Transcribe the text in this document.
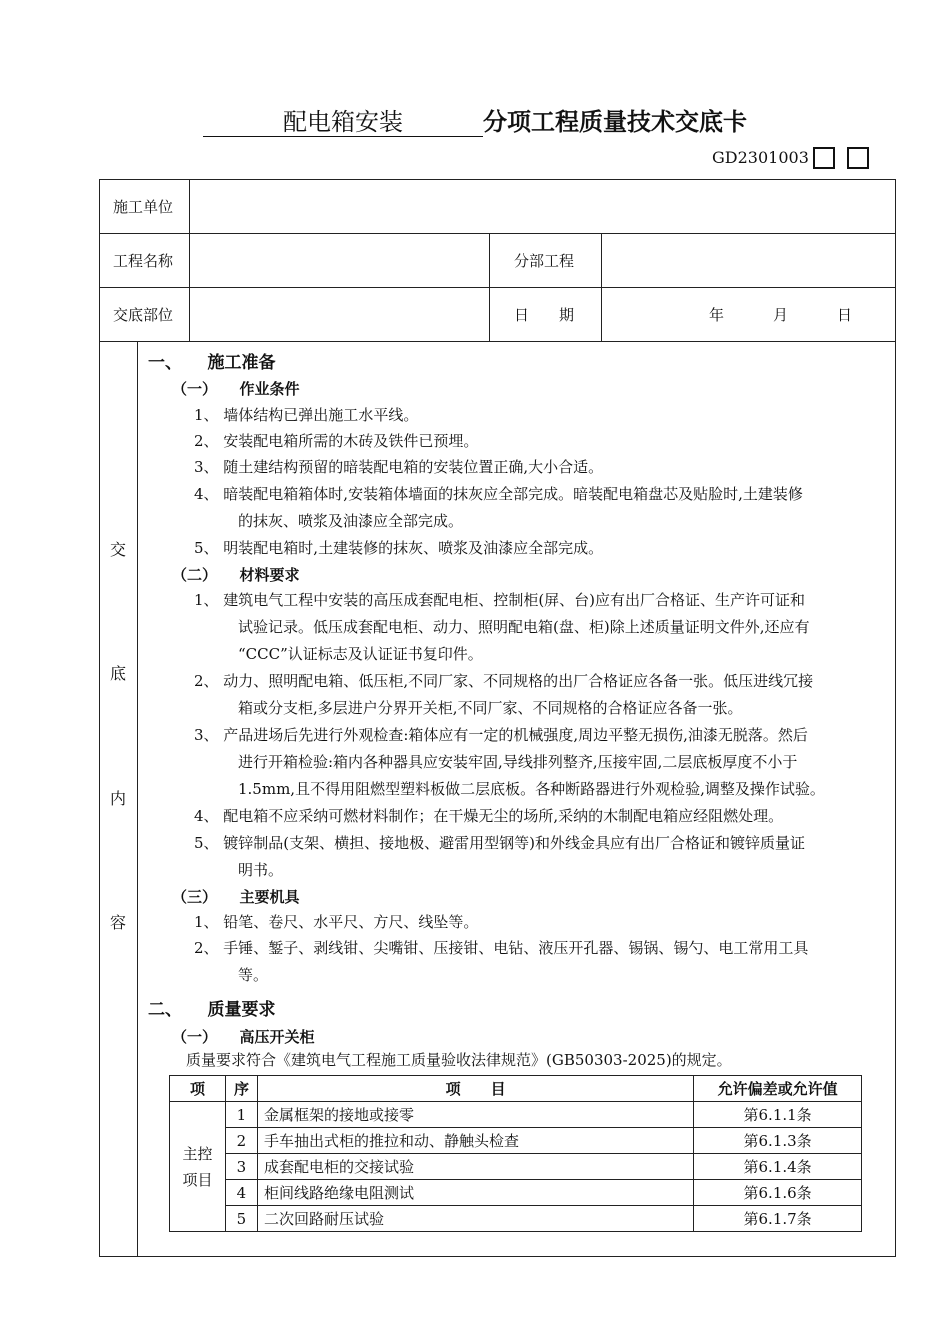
配电箱安装	分项工程质量技术交底卡
GD2301003
施工单位
工程名称	分部工程
交底部位	日　　期	年	月	日
交
底
内
容
一、　　施工准备
（一）　　作业条件
1、 墙体结构已弹出施工水平线。
2、 安装配电箱所需的木砖及铁件已预埋。
3、 随土建结构预留的暗装配电箱的安装位置正确,大小合适。
4、 暗装配电箱箱体时,安装箱体墙面的抹灰应全部完成。暗装配电箱盘芯及贴脸时,土建装修
的抹灰、喷浆及油漆应全部完成。
5、 明装配电箱时,土建装修的抹灰、喷浆及油漆应全部完成。
（二）　　材料要求
1、 建筑电气工程中安装的高压成套配电柜、控制柜(屏、台)应有出厂合格证、生产许可证和
试验记录。低压成套配电柜、动力、照明配电箱(盘、柜)除上述质量证明文件外,还应有
“CCC”认证标志及认证证书复印件。
2、 动力、照明配电箱、低压柜,不同厂家、不同规格的出厂合格证应各备一张。低压进线冗接
箱或分支柜,多层进户分界开关柜,不同厂家、不同规格的合格证应各备一张。
3、 产品进场后先进行外观检查:箱体应有一定的机械强度,周边平整无损伤,油漆无脱落。然后
进行开箱检验:箱内各种器具应安装牢固,导线排列整齐,压接牢固,二层底板厚度不小于
1.5mm,且不得用阻燃型塑料板做二层底板。各种断路器进行外观检验,调整及操作试验。
4、 配电箱不应采纳可燃材料制作；在干燥无尘的场所,采纳的木制配电箱应经阻燃处理。
5、 镀锌制品(支架、横担、接地极、避雷用型钢等)和外线金具应有出厂合格证和镀锌质量证
明书。
（三）　　主要机具
1、 铅笔、卷尺、水平尺、方尺、线坠等。
2、 手锤、錾子、剥线钳、尖嘴钳、压接钳、电钻、液压开孔器、锡锅、锡勺、电工常用工具
等。
二、　　质量要求
（一）　　高压开关柜
质量要求符合《建筑电气工程施工质量验收法律规范》(GB50303-2025)的规定。
项	序	项　　目	允许偏差或允许值
主控项目	1	金属框架的接地或接零	第6.1.1条
	2	手车抽出式柜的推拉和动、静触头检查	第6.1.3条
	3	成套配电柜的交接试验	第6.1.4条
	4	柜间线路绝缘电阻测试	第6.1.6条
	5	二次回路耐压试验	第6.1.7条
